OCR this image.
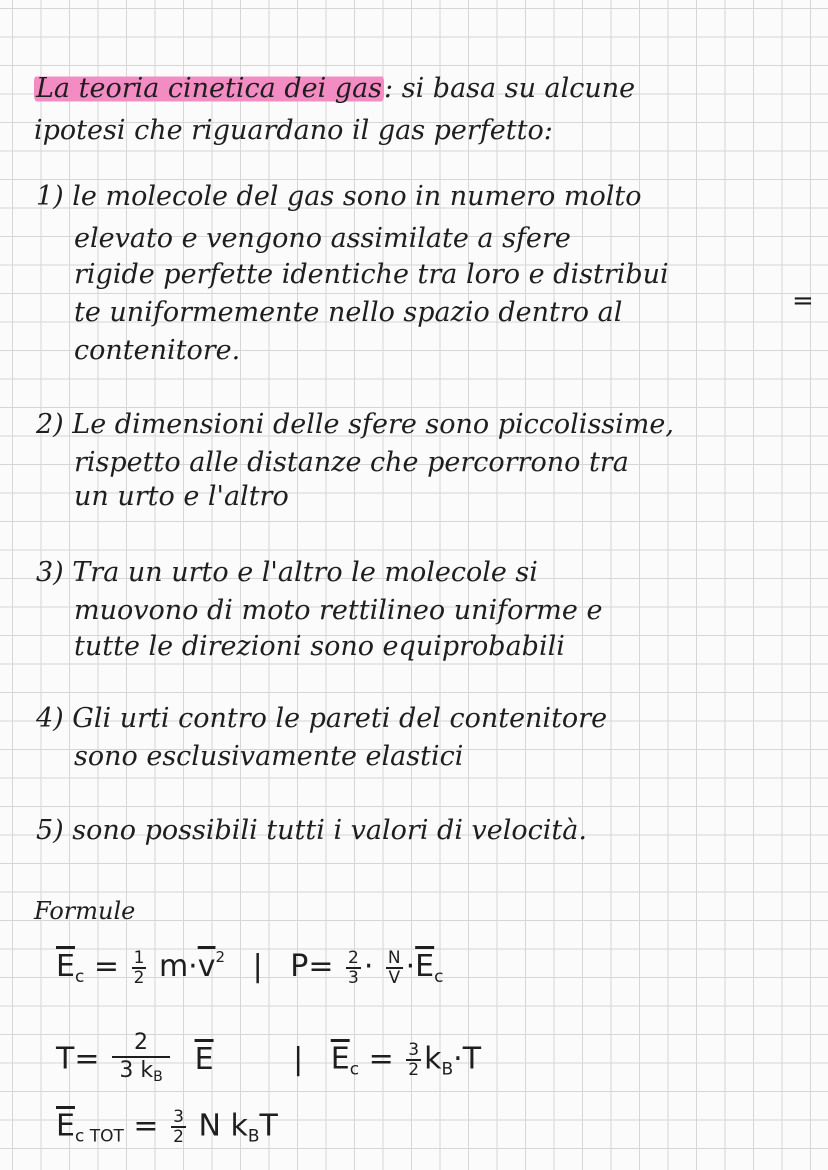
La teoria cinetica dei gas: si basa su alcune
ipotesi che riguardano il gas perfetto:
1) le molecole del gas sono in numero molto
elevato e vengono assimilate a sfere
rigide perfette identiche tra loro e distribui
te uniformemente nello spazio dentro al
contenitore.
=
2) Le dimensioni delle sfere sono piccolissime,
rispetto alle distanze che percorrono tra
un urto e l'altro
3) Tra un urto e l'altro le molecole si
muovono di moto rettilineo uniforme e
tutte le direzioni sono equiprobabili
4) Gli urti contro le pareti del contenitore
sono esclusivamente elastici
5) sono possibili tutti i valori di velocità.
Formule
$\overline{E}_c = \frac{1}{2} m\cdot\overline{v}^2$ | $P= \frac{2}{3} \cdot \frac{N}{V} \cdot\overline{E}_c$
$T= \frac{2}{3 k_B} \overline{E}$	| $\overline{E}_c = \frac{3}{2} k_B\cdot T$
$\overline{E}_{c TOT} = \frac{3}{2}$ N $k_BT$
